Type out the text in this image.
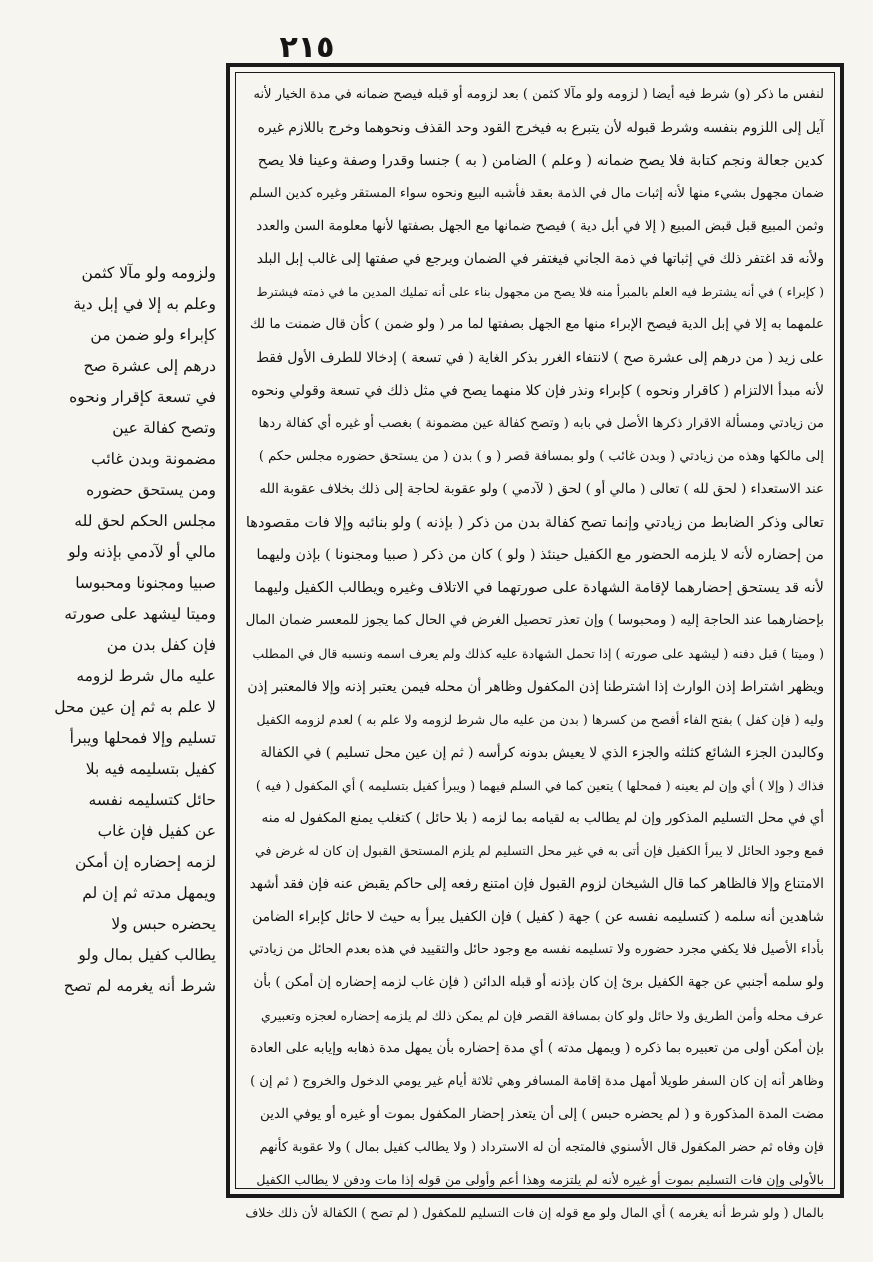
٢١٥
ولزومه ولو مآلا كثمن
وعلم به إلا في إبل دية
كإبراء ولو ضمن من
درهم إلى عشرة صح
في تسعة كإقرار ونحوه
وتصح كفالة عين
مضمونة وبدن غائب
ومن يستحق حضوره
مجلس الحكم لحق لله
مالي أو لآدمي بإذنه ولو
صبيا ومجنونا ومحبوسا
وميتا ليشهد على صورته
فإن كفل بدن من
عليه مال شرط لزومه
لا علم به ثم إن عين محل
تسليم وإلا فمحلها ويبرأ
كفيل بتسليمه فيه بلا
حائل كتسليمه نفسه
عن كفيل فإن غاب
لزمه إحضاره إن أمكن
ويمهل مدته ثم إن لم
يحضره حبس ولا
يطالب كفيل بمال ولو
شرط أنه يغرمه لم تصح
لنفس ما ذكر (و) شرط فيه أيضا ( لزومه ولو مآلا كثمن ) بعد لزومه أو قبله فيصح ضمانه في مدة الخيار لأنه
آيل إلى اللزوم بنفسه وشرط قبوله لأن يتبرع به فيخرج القود وحد القذف ونحوهما وخرج باللازم غيره
كدين جعالة ونجم كتابة فلا يصح ضمانه ( وعلم ) الضامن ( به ) جنسا وقدرا وصفة وعينا فلا يصح
ضمان مجهول بشيء منها لأنه إثبات مال في الذمة بعقد فأشبه البيع ونحوه سواء المستقر وغيره كدين السلم
وثمن المبيع قبل قبض المبيع ( إلا في أبل دية ) فيصح ضمانها مع الجهل بصفتها لأنها معلومة السن والعدد
ولأنه قد اغتفر ذلك في إثباتها في ذمة الجاني فيغتفر في الضمان ويرجع في صفتها إلى غالب إبل البلد
( كإبراء ) في أنه يشترط فيه العلم بالمبرأ منه فلا يصح من مجهول بناء على أنه تمليك المدين ما في ذمته فيشترط
علمهما به إلا في إبل الدية فيصح الإبراء منها مع الجهل بصفتها لما مر ( ولو ضمن ) كأن قال ضمنت ما لك
على زيد ( من درهم إلى عشرة صح ) لانتفاء الغرر بذكر الغاية ( في تسعة ) إدخالا للطرف الأول فقط
لأنه مبدأ الالتزام ( كاقرار ونحوه ) كإبراء ونذر فإن كلا منهما يصح في مثل ذلك في تسعة وقولي ونحوه
من زيادتي ومسألة الاقرار ذكرها الأصل في بابه ( وتصح كفالة عين مضمونة ) بغصب أو غيره أي كفالة ردها
إلى مالكها وهذه من زيادتي ( وبدن غائب ) ولو بمسافة قصر ( و ) بدن ( من يستحق حضوره مجلس حكم )
عند الاستعداء ( لحق لله ) تعالى ( مالي أو ) لحق ( لآدمي ) ولو عقوبة لحاجة إلى ذلك بخلاف عقوبة الله
تعالى وذكر الضابط من زيادتي وإنما تصح كفالة بدن من ذكر ( بإذنه ) ولو بنائبه وإلا فات مقصودها
من إحضاره لأنه لا يلزمه الحضور مع الكفيل حينئذ ( ولو ) كان من ذكر ( صبيا ومجنونا ) بإذن وليهما
لأنه قد يستحق إحضارهما لإقامة الشهادة على صورتهما في الاتلاف وغيره ويطالب الكفيل وليهما
بإحضارهما عند الحاجة إليه ( ومحبوسا ) وإن تعذر تحصيل الغرض في الحال كما يجوز للمعسر ضمان المال
( وميتا ) قبل دفنه ( ليشهد على صورته ) إذا تحمل الشهادة عليه كذلك ولم يعرف اسمه ونسبه قال في المطلب
ويظهر اشتراط إذن الوارث إذا اشترطنا إذن المكفول وظاهر أن محله فيمن يعتبر إذنه وإلا فالمعتبر إذن
وليه ( فإن كفل ) بفتح الفاء أفصح من كسرها ( بدن من عليه مال شرط لزومه ولا علم به ) لعدم لزومه الكفيل
وكالبدن الجزء الشائع كثلثه والجزء الذي لا يعيش بدونه كرأسه ( ثم إن عين محل تسليم ) في الكفالة
فذاك ( وإلا ) أي وإن لم يعينه ( فمحلها ) يتعين كما في السلم فيهما ( ويبرأ كفيل بتسليمه ) أي المكفول ( فيه )
أي في محل التسليم المذكور وإن لم يطالب به لقيامه بما لزمه ( بلا حائل ) كتغلب يمنع المكفول له منه
فمع وجود الحائل لا يبرأ الكفيل فإن أتى به في غير محل التسليم لم يلزم المستحق القبول إن كان له غرض في
الامتناع وإلا فالظاهر كما قال الشيخان لزوم القبول فإن امتنع رفعه إلى حاكم يقبض عنه فإن فقد أشهد
شاهدين أنه سلمه ( كتسليمه نفسه عن ) جهة ( كفيل ) فإن الكفيل يبرأ به حيث لا حائل كإبراء الضامن
بأداء الأصيل فلا يكفي مجرد حضوره ولا تسليمه نفسه مع وجود حائل والتقييد في هذه بعدم الحائل من زيادتي
ولو سلمه أجنبي عن جهة الكفيل برئ إن كان بإذنه أو قبله الدائن ( فإن غاب لزمه إحضاره إن أمكن ) بأن
عرف محله وأمن الطريق ولا حائل ولو كان بمسافة القصر فإن لم يمكن ذلك لم يلزمه إحضاره لعجزه وتعبيري
بإن أمكن أولى من تعبيره بما ذكره ( ويمهل مدته ) أي مدة إحضاره بأن يمهل مدة ذهابه وإيابه على العادة
وظاهر أنه إن كان السفر طويلا أمهل مدة إقامة المسافر وهي ثلاثة أيام غير يومي الدخول والخروج ( ثم إن )
مضت المدة المذكورة و ( لم يحضره حبس ) إلى أن يتعذر إحضار المكفول بموت أو غيره أو يوفي الدين
فإن وفاه ثم حضر المكفول قال الأسنوي فالمتجه أن له الاسترداد ( ولا يطالب كفيل بمال ) ولا عقوبة كأنهم
بالأولى وإن فات التسليم بموت أو غيره لأنه لم يلتزمه وهذا أعم وأولى من قوله إذا مات ودفن لا يطالب الكفيل
بالمال ( ولو شرط أنه يغرمه ) أي المال ولو مع قوله إن فات التسليم للمكفول ( لم تصح ) الكفالة لأن ذلك خلاف
